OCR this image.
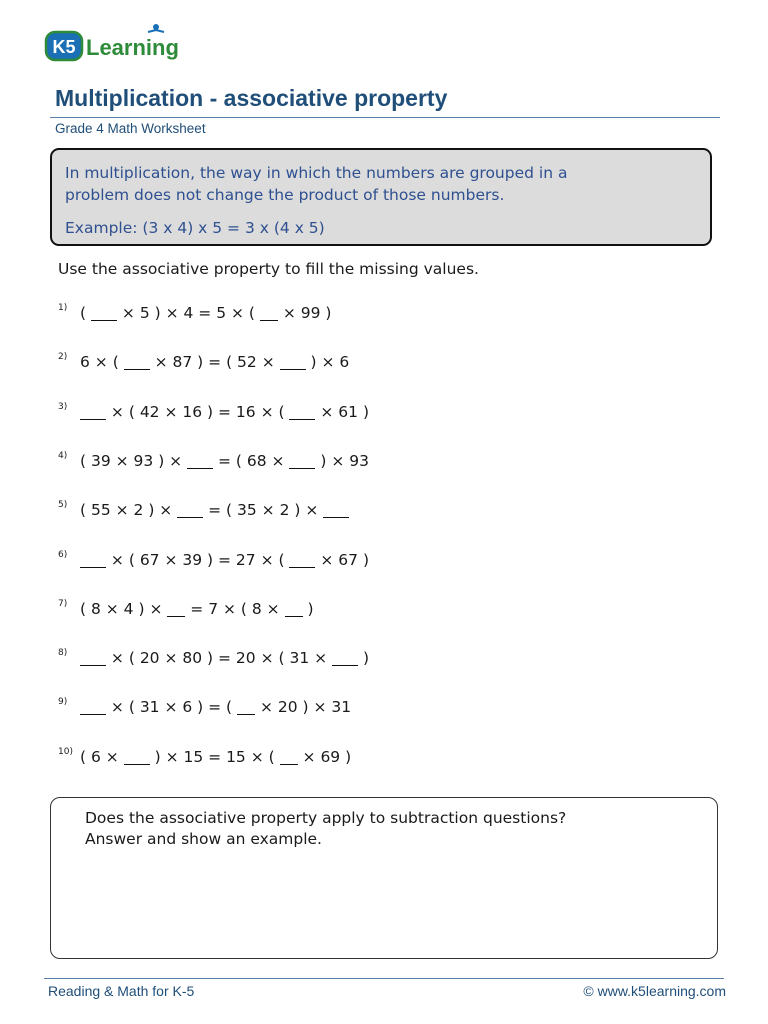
K5 Learning
Multiplication - associative property
Grade 4 Math Worksheet
In multiplication, the way in which the numbers are grouped in a
problem does not change the product of those numbers.
Example: (3 x 4) x 5 = 3 x (4 x 5)
Use the associative property to fill the missing values.
1) (  × 5 ) × 4 = 5 × (  × 99 )
2) 6 × (  × 87 ) = ( 52 ×  ) × 6
3)	× ( 42 × 16 ) = 16 × (  × 61 )
4) ( 39 × 93 ) ×  = ( 68 ×  ) × 93
5) ( 55 × 2 ) ×  = ( 35 × 2 ) ×
6)	× ( 67 × 39 ) = 27 × (  × 67 )
7) ( 8 × 4 ) ×  = 7 × ( 8 ×  )
8)	× ( 20 × 80 ) = 20 × ( 31 ×  )
9)	× ( 31 × 6 ) = (  × 20 ) × 31
10) ( 6 ×  ) × 15 = 15 × (  × 69 )
Does the associative property apply to subtraction questions?
Answer and show an example.
Reading & Math for K-5	© www.k5learning.com
